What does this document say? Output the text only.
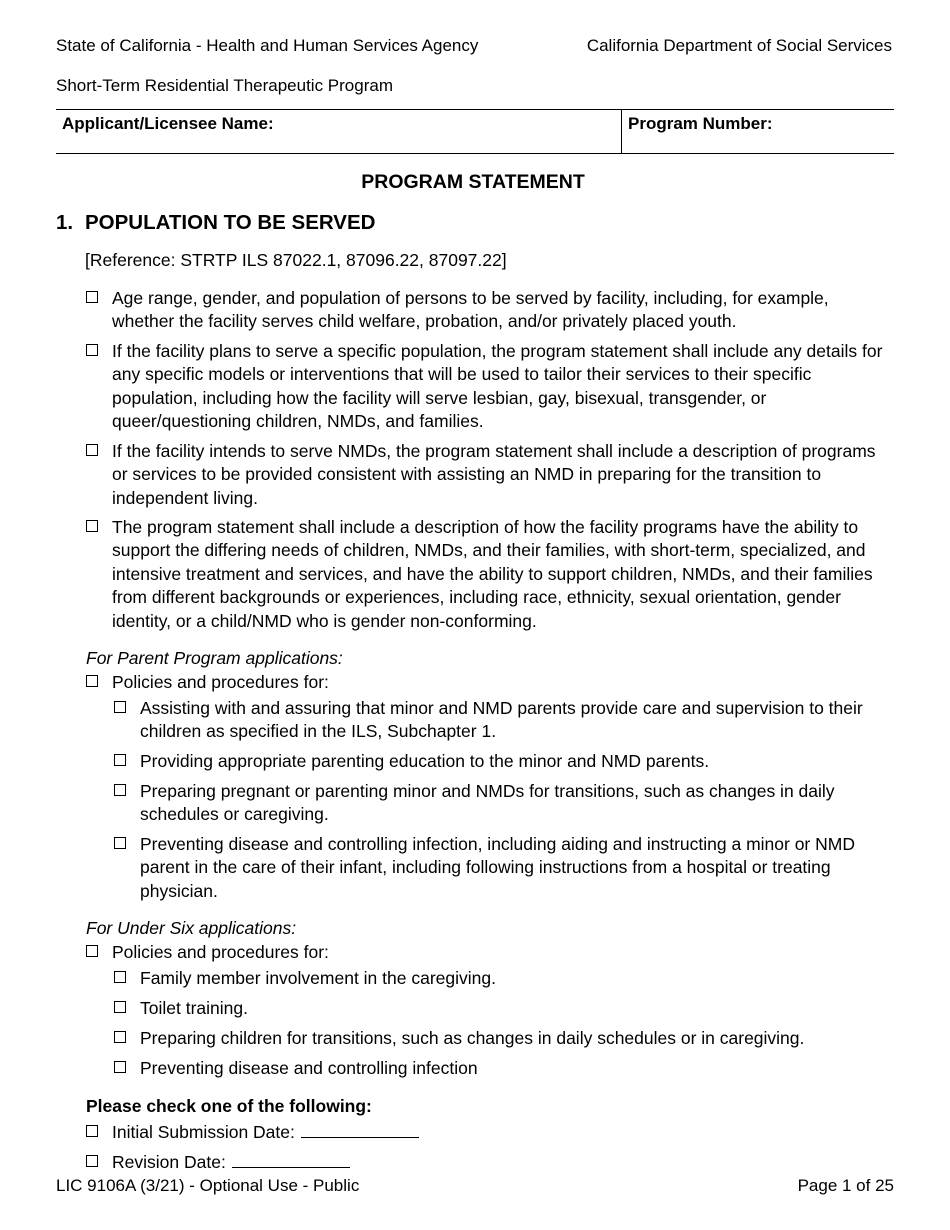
State of California - Health and Human Services Agency	California Department of Social Services
Short-Term Residential Therapeutic Program
Applicant/Licensee Name:	Program Number:
PROGRAM STATEMENT
1. POPULATION TO BE SERVED
[Reference: STRTP ILS 87022.1, 87096.22, 87097.22]
Age range, gender, and population of persons to be served by facility, including, for example, whether the facility serves child welfare, probation, and/or privately placed youth.
If the facility plans to serve a specific population, the program statement shall include any details for any specific models or interventions that will be used to tailor their services to their specific population, including how the facility will serve lesbian, gay, bisexual, transgender, or queer/questioning children, NMDs, and families.
If the facility intends to serve NMDs, the program statement shall include a description of programs or services to be provided consistent with assisting an NMD in preparing for the transition to independent living.
The program statement shall include a description of how the facility programs have the ability to support the differing needs of children, NMDs, and their families, with short-term, specialized, and intensive treatment and services, and have the ability to support children, NMDs, and their families from different backgrounds or experiences, including race, ethnicity, sexual orientation, gender identity, or a child/NMD who is gender non-conforming.
For Parent Program applications:
Policies and procedures for:
Assisting with and assuring that minor and NMD parents provide care and supervision to their children as specified in the ILS, Subchapter 1.
Providing appropriate parenting education to the minor and NMD parents.
Preparing pregnant or parenting minor and NMDs for transitions, such as changes in daily schedules or caregiving.
Preventing disease and controlling infection, including aiding and instructing a minor or NMD parent in the care of their infant, including following instructions from a hospital or treating physician.
For Under Six applications:
Policies and procedures for:
Family member involvement in the caregiving.
Toilet training.
Preparing children for transitions, such as changes in daily schedules or in caregiving.
Preventing disease and controlling infection
Please check one of the following:
Initial Submission Date:
Revision Date:
LIC 9106A (3/21) - Optional Use - Public	Page 1 of 25
